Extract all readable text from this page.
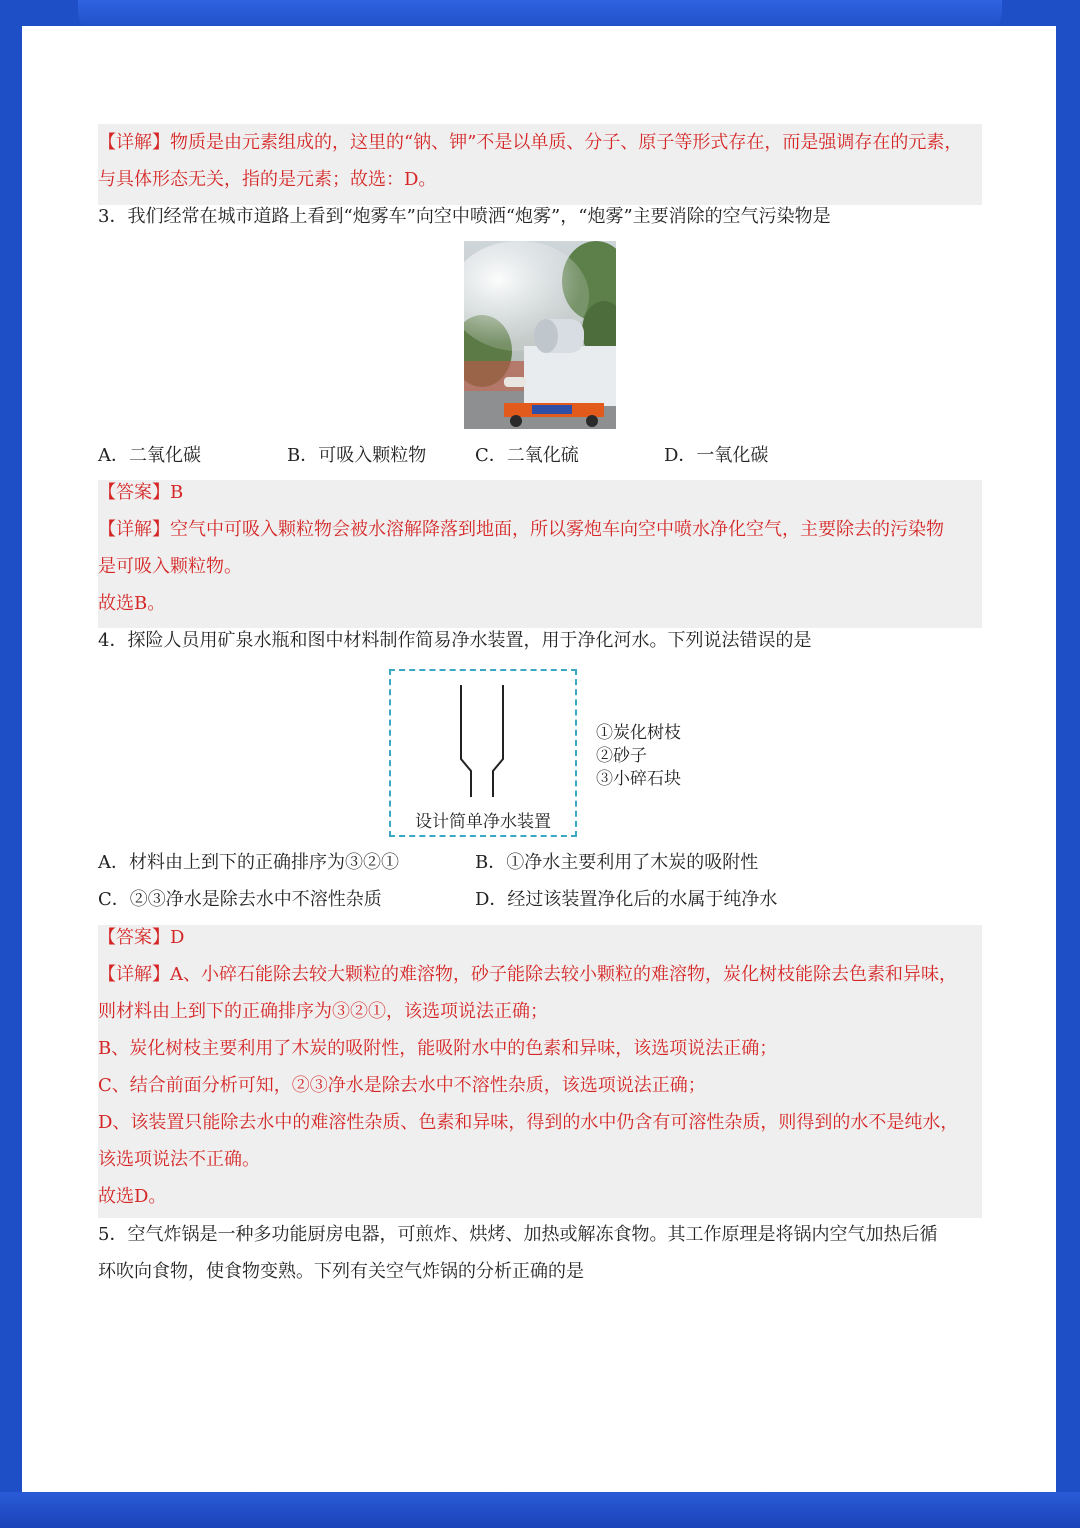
【详解】物质是由元素组成的，这里的“钠、钾”不是以单质、分子、原子等形式存在，而是强调存在的元素，
与具体形态无关，指的是元素；故选：D。
3．我们经常在城市道路上看到“炮雾车”向空中喷洒“炮雾”，“炮雾”主要消除的空气污染物是
A．二氧化碳	B．可吸入颗粒物	C．二氧化硫	D．一氧化碳
【答案】B
【详解】空气中可吸入颗粒物会被水溶解降落到地面，所以雾炮车向空中喷水净化空气，主要除去的污染物
是可吸入颗粒物。
故选B。
4．探险人员用矿泉水瓶和图中材料制作简易净水装置，用于净化河水。下列说法错误的是
设计简单净水装置
①炭化树枝
②砂子
③小碎石块
A．材料由上到下的正确排序为③②①	B．①净水主要利用了木炭的吸附性
C．②③净水是除去水中不溶性杂质	D．经过该装置净化后的水属于纯净水
【答案】D
【详解】A、小碎石能除去较大颗粒的难溶物，砂子能除去较小颗粒的难溶物，炭化树枝能除去色素和异味，
则材料由上到下的正确排序为③②①，该选项说法正确；
B、炭化树枝主要利用了木炭的吸附性，能吸附水中的色素和异味，该选项说法正确；
C、结合前面分析可知，②③净水是除去水中不溶性杂质，该选项说法正确；
D、该装置只能除去水中的难溶性杂质、色素和异味，得到的水中仍含有可溶性杂质，则得到的水不是纯水，
该选项说法不正确。
故选D。
5．空气炸锅是一种多功能厨房电器，可煎炸、烘烤、加热或解冻食物。其工作原理是将锅内空气加热后循
环吹向食物，使食物变熟。下列有关空气炸锅的分析正确的是
